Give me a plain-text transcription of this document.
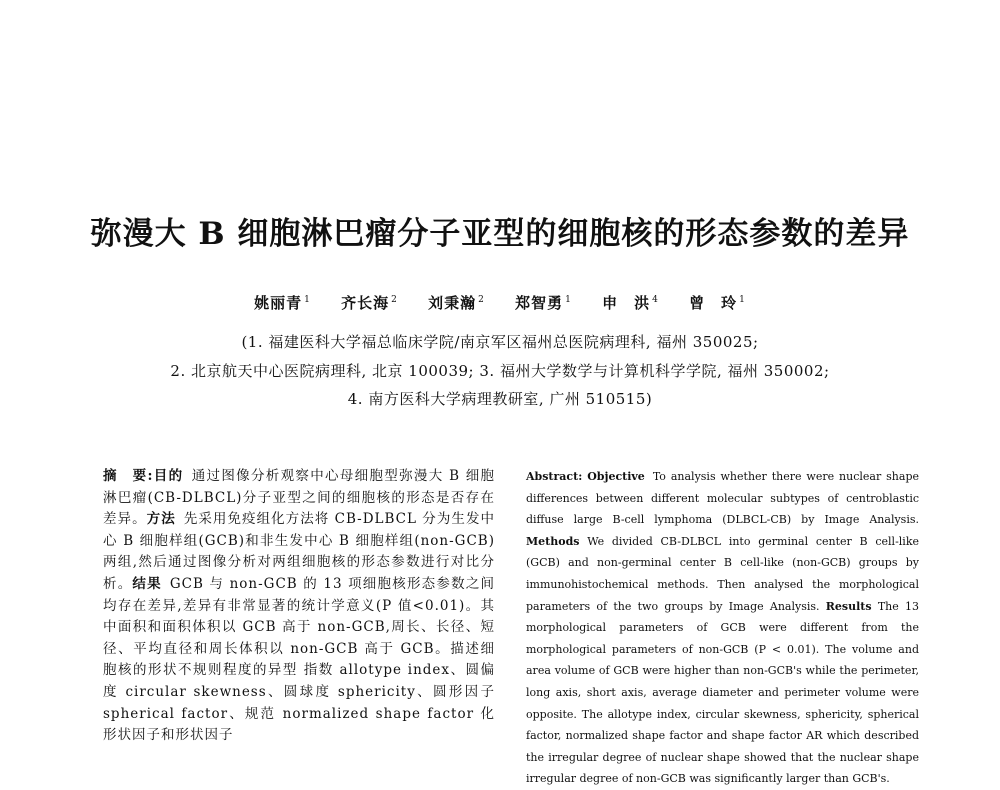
弥漫大 B 细胞淋巴瘤分子亚型的细胞核的形态参数的差异
姚丽青 $^1$ 齐长海 $^2$ 刘秉瀚 $^2$ 郑智勇 $^1$ 申　洪 $^4$ 曾　玲 $^1$
(1. 福建医科大学福总临床学院/南京军区福州总医院病理科, 福州 350025;
2. 北京航天中心医院病理科, 北京 100039; 3. 福州大学数学与计算机科学学院, 福州 350002;
4. 南方医科大学病理教研室, 广州 510515)
摘　要:目的 通过图像分析观察中心母细胞型弥漫大 B 细胞淋巴瘤(CB-DLBCL)分子亚型之间的细胞核的形态是否存在差异。方法 先采用免疫组化方法将 CB-DLBCL 分为生发中心 B 细胞样组(GCB)和非生发中心 B 细胞样组(non-GCB)两组,然后通过图像分析对两组细胞核的形态参数进行对比分析。结果 GCB 与 non-GCB 的 13 项细胞核形态参数之间均存在差异,差异有非常显著的统计学意义(P 值<0.01)。其中面积和面积体积以 GCB 高于 non-GCB,周长、长径、短径、平均直径和周长体积以 non-GCB 高于 GCB。描述细胞核的形状不规则程度的异型 指数 allotype index、圆偏度 circular skewness、圆球度 sphericity、圆形因子 spherical factor、规范 normalized shape factor 化形状因子和形状因子
Abstract: Objective To analysis whether there were nuclear shape differences between different molecular subtypes of centroblastic diffuse large B-cell lymphoma (DLBCL-CB) by Image Analysis. Methods We divided CB-DLBCL into germinal center B cell-like (GCB) and non-germinal center B cell-like (non-GCB) groups by immunohistochemical methods. Then analysed the morphological parameters of the two groups by Image Analysis. Results The 13 morphological parameters of GCB were different from the morphological parameters of non-GCB (P < 0.01). The volume and area volume of GCB were higher than non-GCB's while the perimeter, long axis, short axis, average diameter and perimeter volume were opposite. The allotype index, circular skewness, sphericity, spherical factor, normalized shape factor and shape factor AR which described the irregular degree of nuclear shape showed that the nuclear shape irregular degree of non-GCB was significantly larger than GCB's.
